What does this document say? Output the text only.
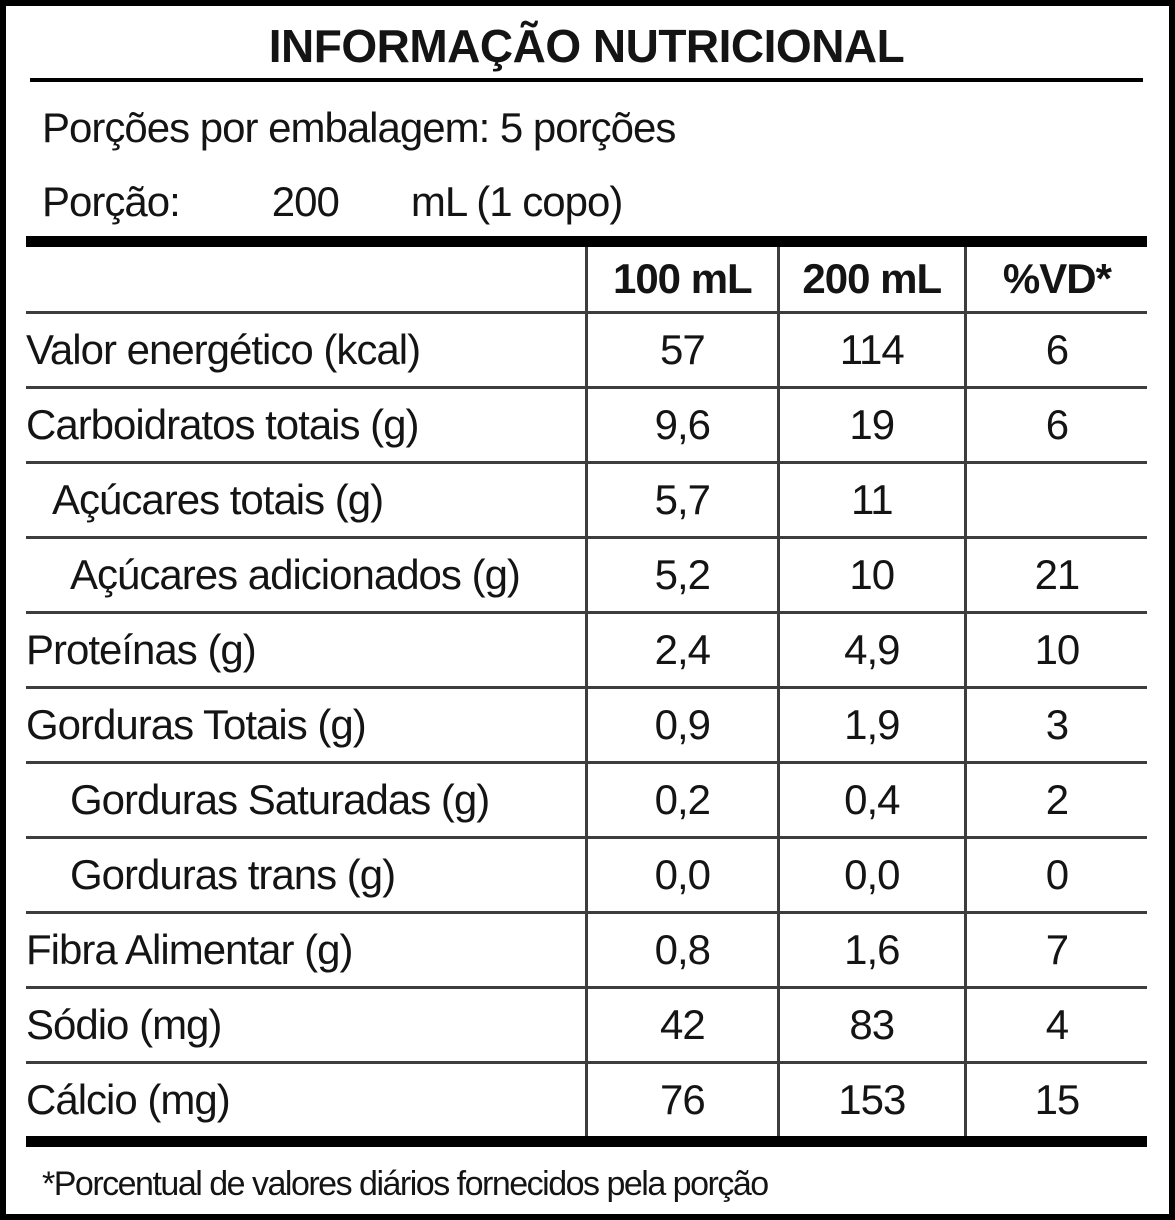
INFORMAÇÃO NUTRICIONAL
Porções por embalagem: 5 porções
Porção: 200 mL (1 copo)
	100 mL	200 mL	%VD*
Valor energético (kcal)	57	114	6
Carboidratos totais (g)	9,6	19	6
Açúcares totais (g)	5,7	11	
Açúcares adicionados (g)	5,2	10	21
Proteínas (g)	2,4	4,9	10
Gorduras Totais (g)	0,9	1,9	3
Gorduras Saturadas (g)	0,2	0,4	2
Gorduras trans (g)	0,0	0,0	0
Fibra Alimentar (g)	0,8	1,6	7
Sódio (mg)	42	83	4
Cálcio (mg)	76	153	15
*Porcentual de valores diários fornecidos pela porção
